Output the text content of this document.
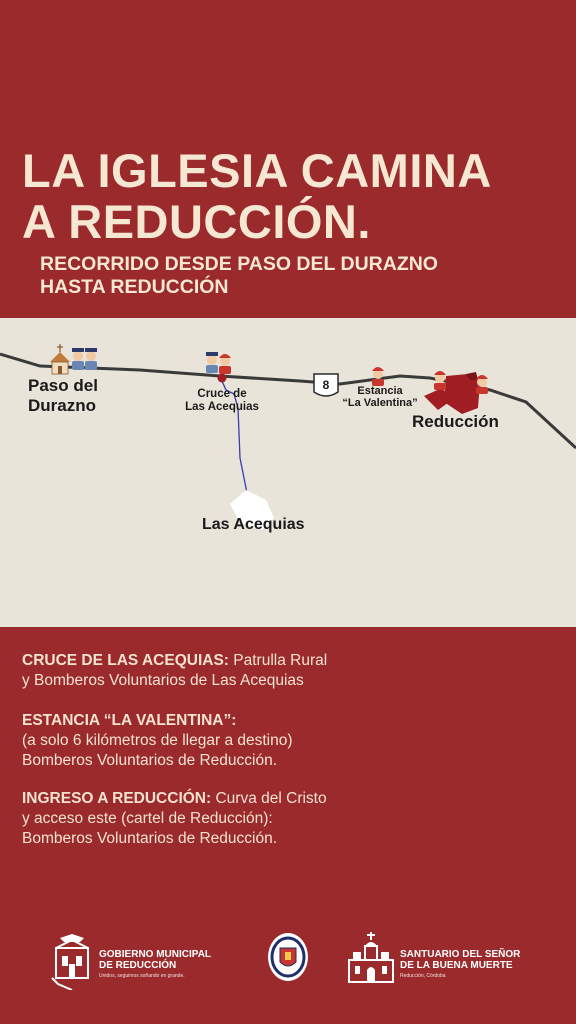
LA IGLESIA CAMINA
A REDUCCIÓN.
RECORRIDO DESDE PASO DEL DURAZNO
HASTA REDUCCIÓN
8
Paso del
Durazno
Cruce de
Las Acequias
Estancia
“La Valentina”
Reducción
Las Acequias
CRUCE DE LAS ACEQUIAS: Patrulla Rural
y Bomberos Voluntarios de Las Acequias
ESTANCIA “LA VALENTINA”:
(a solo 6 kilómetros de llegar a destino)
Bomberos Voluntarios de Reducción.
INGRESO A REDUCCIÓN: Curva del Cristo
y acceso este (cartel de Reducción):
Bomberos Voluntarios de Reducción.
GOBIERNO MUNICIPAL
DE REDUCCIÓN
Unidos, seguimos soñando en grande.
SANTUARIO DEL SEÑOR
DE LA BUENA MUERTE
Reducción, Córdoba
